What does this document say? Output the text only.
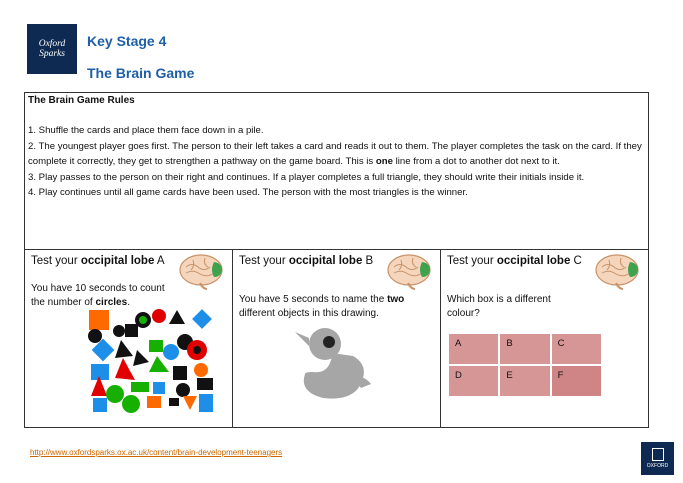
Oxford
Sparks
Key Stage 4
The Brain Game
The Brain Game Rules
1. Shuffle the cards and place them face down in a pile.
2. The youngest player goes first. The person to their left takes a card and reads it out to them. The player completes the task on the card. If they complete it correctly, they get to strengthen a pathway on the game board. This is one line from a dot to another dot next to it.
3. Play passes to the person on their right and continues. If a player completes a full triangle, they should write their initials inside it.
4. Play continues until all game cards have been used. The person with the most triangles is the winner.
Test your occipital lobe A
You have 10 seconds to count the number of circles.
Test your occipital lobe B
You have 5 seconds to name the two different objects in this drawing.
Test your occipital lobe C
Which box is a different colour?
A	B	C
D	E	F
http://www.oxfordsparks.ox.ac.uk/content/brain-development-teenagers
OXFORD
